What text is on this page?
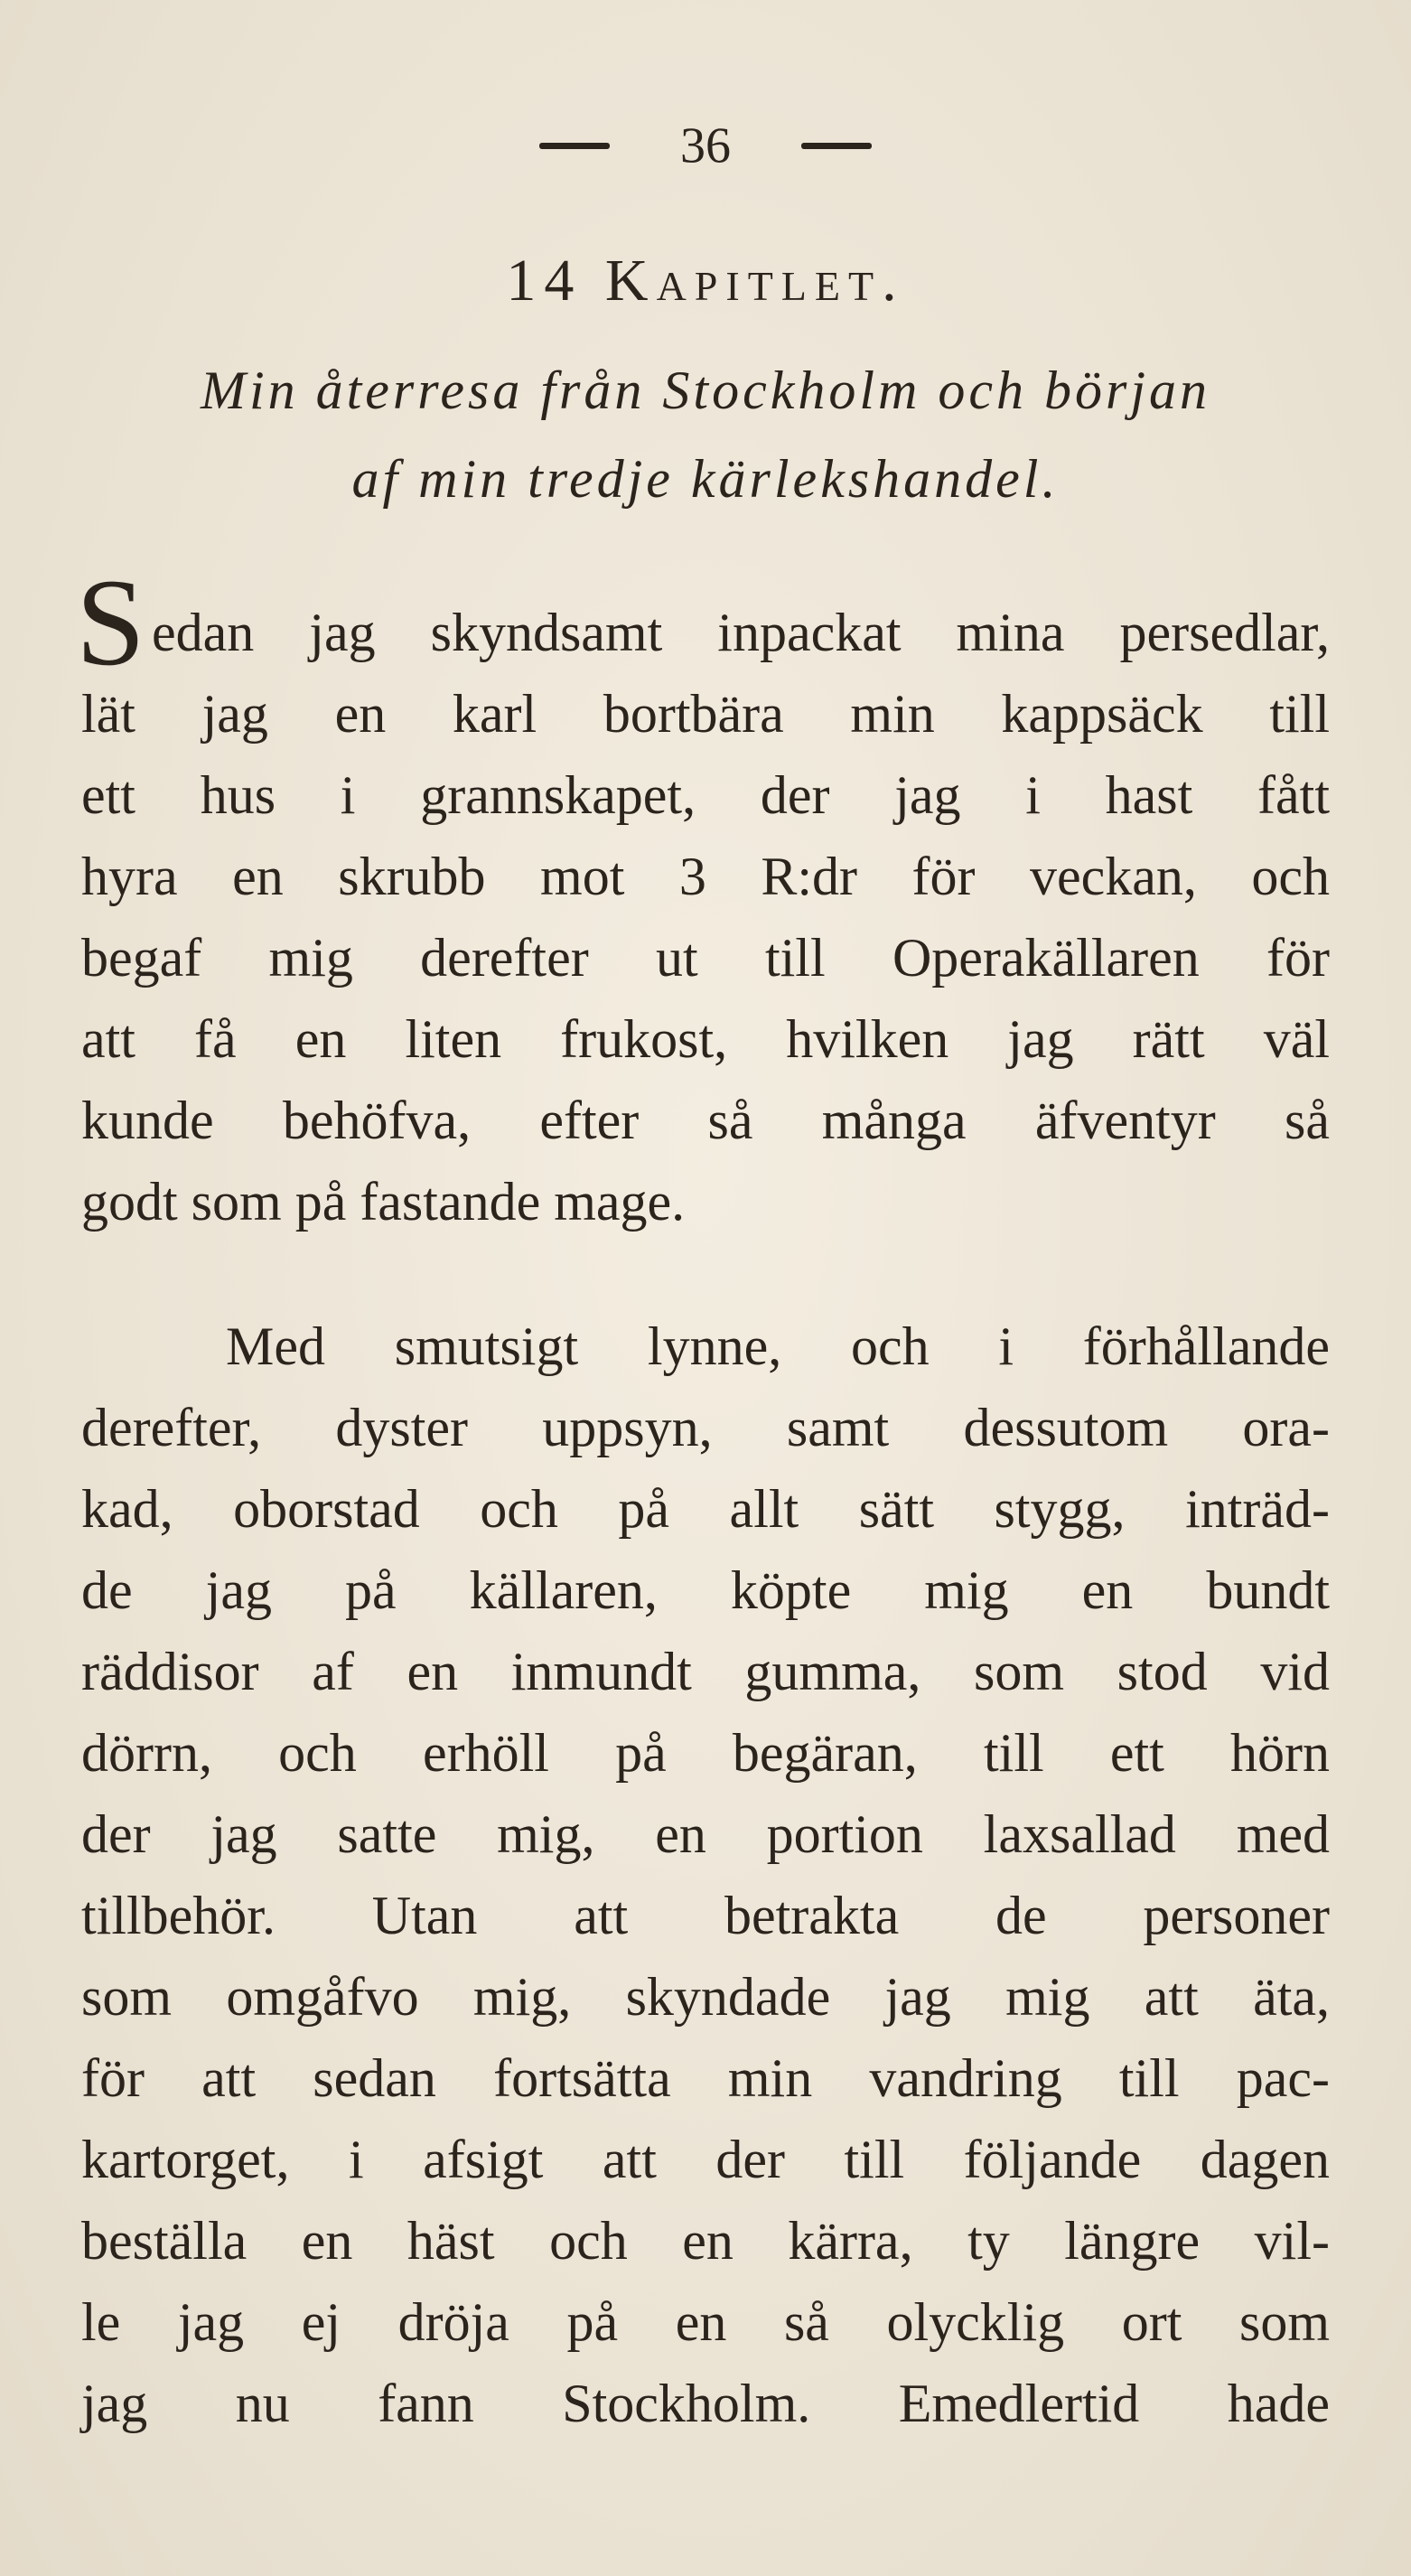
36
14 Kapitlet.
Min återresa från Stockholm och början
af min tredje kärlekshandel.
S edan jag skyndsamt inpackat mina persedlar,
lät jag en karl bortbära min kappsäck till
ett hus i grannskapet, der jag i hast fått
hyra en skrubb mot 3 R:dr för veckan, och
begaf mig derefter ut till Operakällaren för
att få en liten frukost, hvilken jag rätt väl
kunde behöfva, efter så många äfventyr så
godt som på fastande mage.
Med smutsigt lynne, och i förhållande
derefter, dyster uppsyn, samt dessutom ora-
kad, oborstad och på allt sätt stygg, inträd-
de jag på källaren, köpte mig en bundt
räddisor af en inmundt gumma, som stod vid
dörrn, och erhöll på begäran, till ett hörn
der jag satte mig, en portion laxsallad med
tillbehör. Utan att betrakta de personer
som omgåfvo mig, skyndade jag mig att äta,
för att sedan fortsätta min vandring till pac-
kartorget, i afsigt att der till följande dagen
beställa en häst och en kärra, ty längre vil-
le jag ej dröja på en så olycklig ort som
jag nu fann Stockholm. Emedlertid hade
